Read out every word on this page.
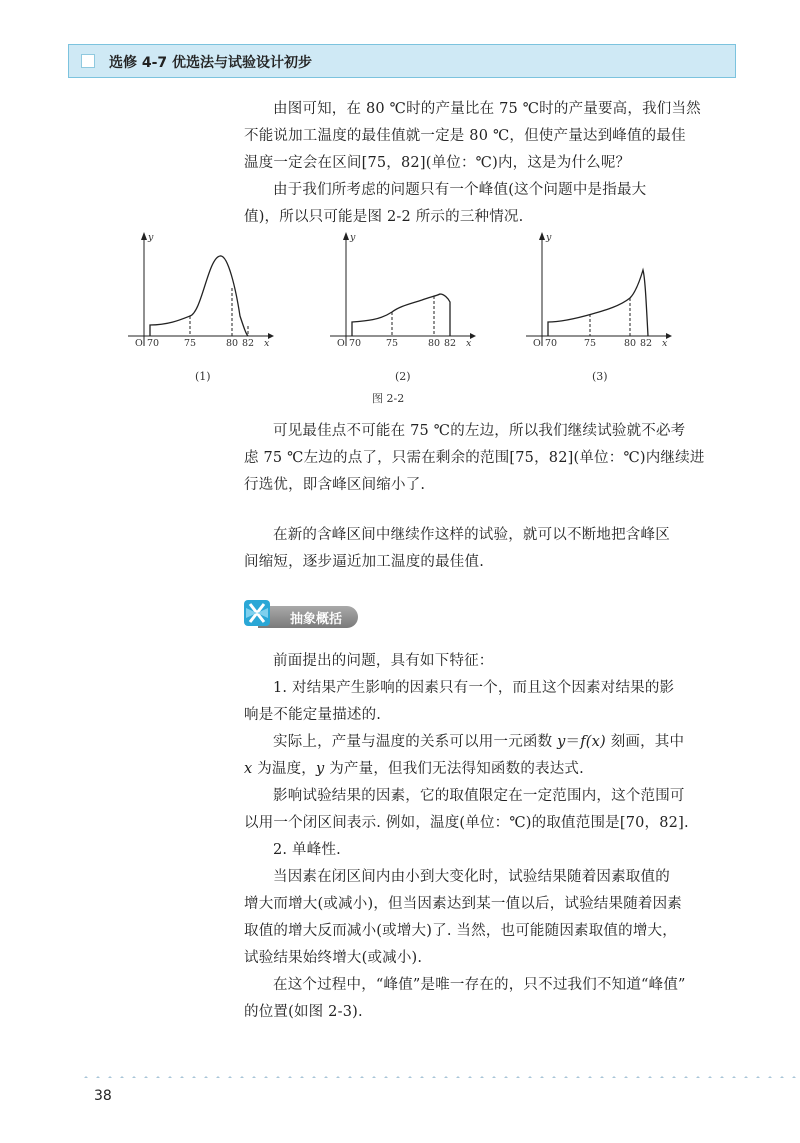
选修 4-7 优选法与试验设计初步
由图可知，在 80 ℃时的产量比在 75 ℃时的产量要高，我们当然
不能说加工温度的最佳值就一定是 80 ℃，但使产量达到峰值的最佳
温度一定会在区间[75，82](单位：℃)内，这是为什么呢？
由于我们所考虑的问题只有一个峰值(这个问题中是指最大
值)，所以只可能是图 2-2 所示的三种情况.
O 70	75	80 82 x
y
(1)
O 70	75	80 82 x
y
(2)
O 70	75	80 82 x
y
(3)
图 2-2
可见最佳点不可能在 75 ℃的左边，所以我们继续试验就不必考
虑 75 ℃左边的点了，只需在剩余的范围[75，82](单位：℃)内继续进
行选优，即含峰区间缩小了.
在新的含峰区间中继续作这样的试验，就可以不断地把含峰区
间缩短，逐步逼近加工温度的最佳值.
抽象概括
前面提出的问题，具有如下特征：
1. 对结果产生影响的因素只有一个，而且这个因素对结果的影
响是不能定量描述的.
实际上，产量与温度的关系可以用一元函数 y＝f(x) 刻画，其中
x 为温度，y 为产量，但我们无法得知函数的表达式.
影响试验结果的因素，它的取值限定在一定范围内，这个范围可
以用一个闭区间表示. 例如，温度(单位：℃)的取值范围是[70，82].
2. 单峰性.
当因素在闭区间内由小到大变化时，试验结果随着因素取值的
增大而增大(或减小)，但当因素达到某一值以后，试验结果随着因素
取值的增大反而减小(或增大)了. 当然，也可能随因素取值的增大，
试验结果始终增大(或减小).
在这个过程中，“峰值”是唯一存在的，只不过我们不知道“峰值”
的位置(如图 2-3).
38
